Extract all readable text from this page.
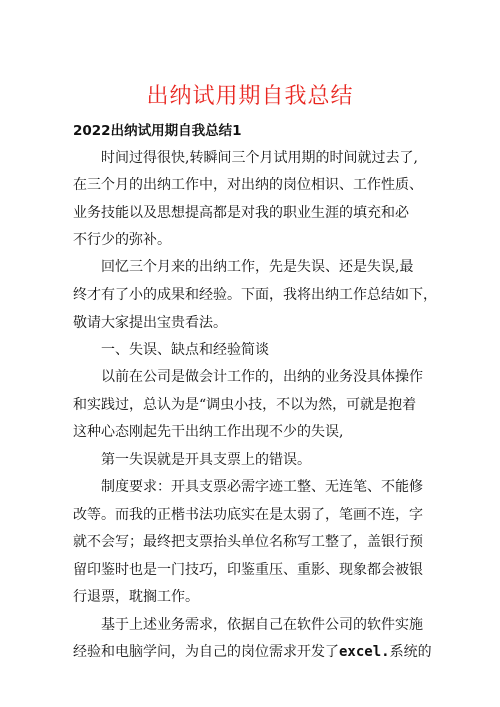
出纳试用期自我总结

2022出纳试用期自我总结1

时间过得很快,转瞬间三个月试用期的时间就过去了,

在三个月的出纳工作中，对出纳的岗位相识、工作性质、

业务技能以及思想提高都是对我的职业生涯的填充和必

不行少的弥补。

回忆三个月来的出纳工作，先是失误、还是失误,最

终才有了小的成果和经验。下面，我将出纳工作总结如下，

敬请大家提出宝贵看法。

一、失误、缺点和经验简谈

以前在公司是做会计工作的，出纳的业务没具体操作

和实践过，总认为是“调虫小技，不以为然，可就是抱着

这种心态刚起先干出纳工作出现不少的失误,

第一失误就是开具支票上的错误。

制度要求：开具支票必需字迹工整、无连笔、不能修

改等。而我的正楷书法功底实在是太弱了，笔画不连，字

就不会写；最终把支票抬头单位名称写工整了，盖银行预

留印鉴时也是一门技巧，印鉴重压、重影、现象都会被银

行退票，耽搁工作。

基于上述业务需求，依据自己在软件公司的软件实施

经验和电脑学问，为自己的岗位需求开发了excel.系统的
